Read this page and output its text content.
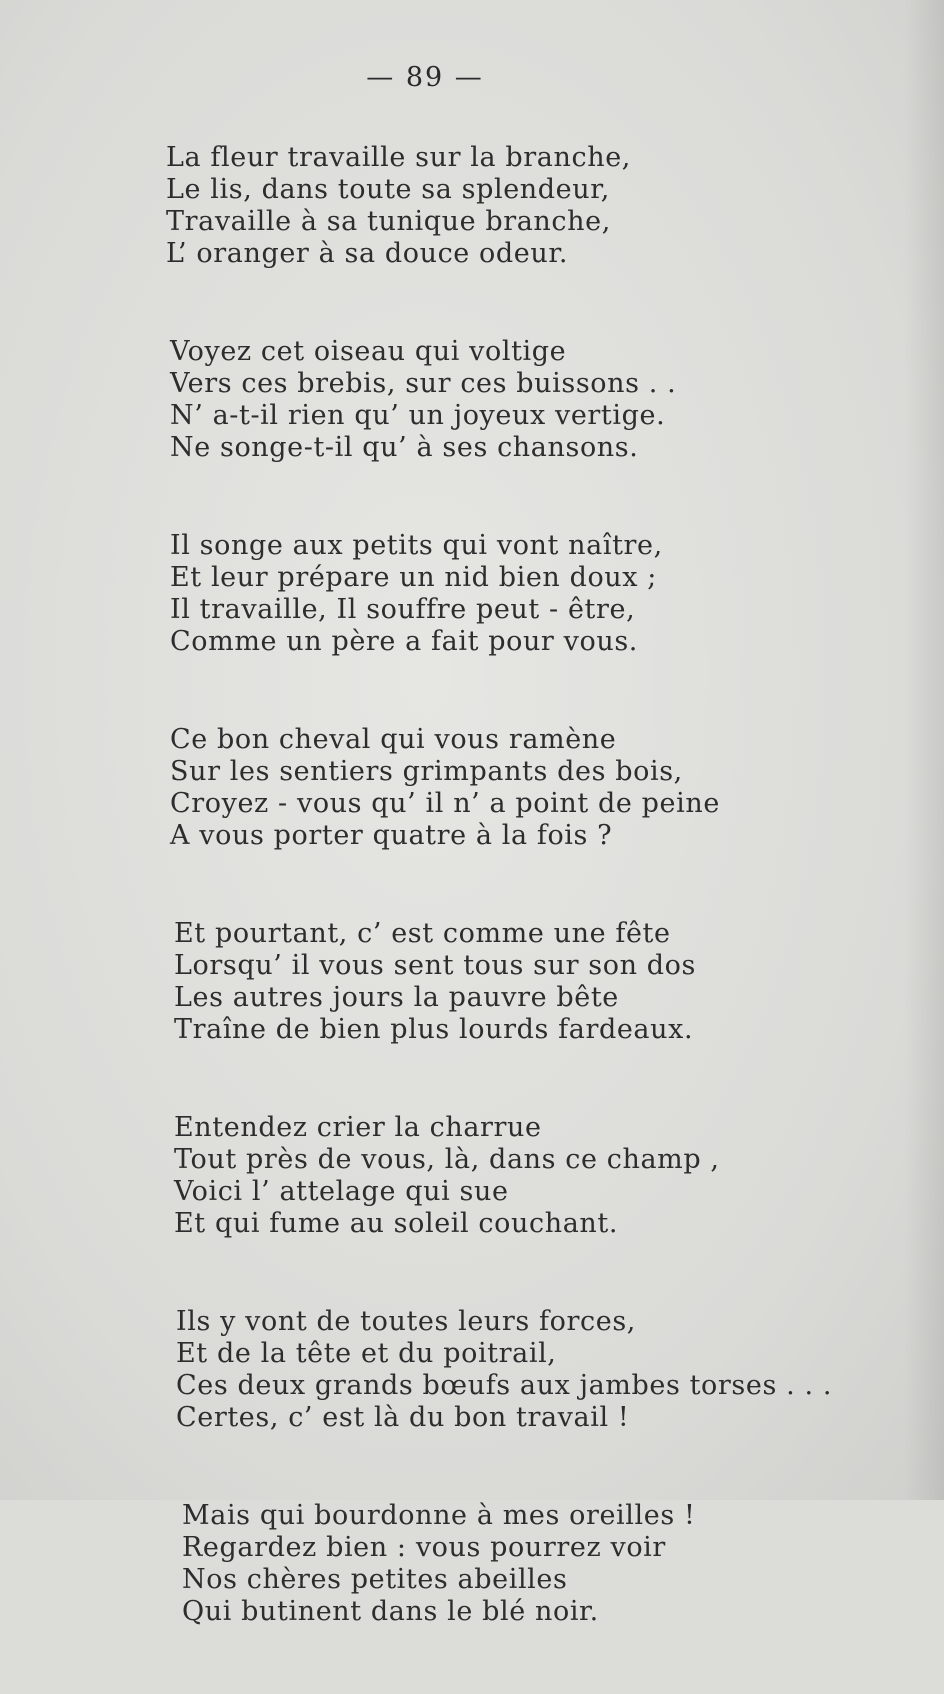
— 89 —
La fleur travaille sur la branche,
Le lis, dans toute sa splendeur,
Travaille à sa tunique branche,
L’ oranger à sa douce odeur.
Voyez cet oiseau qui voltige
Vers ces brebis, sur ces buissons . .
N’ a-t-il rien qu’ un joyeux vertige.
Ne songe-t-il qu’ à ses chansons.
Il songe aux petits qui vont naître,
Et leur prépare un nid bien doux ;
Il travaille, Il souffre peut - être,
Comme un père a fait pour vous.
Ce bon cheval qui vous ramène
Sur les sentiers grimpants des bois,
Croyez - vous qu’ il n’ a point de peine
A vous porter quatre à la fois ?
Et pourtant, c’ est comme une fête
Lorsqu’ il vous sent tous sur son dos
Les autres jours la pauvre bête
Traîne de bien plus lourds fardeaux.
Entendez crier la charrue
Tout près de vous, là, dans ce champ ,
Voici l’ attelage qui sue
Et qui fume au soleil couchant.
Ils y vont de toutes leurs forces,
Et de la tête et du poitrail,
Ces deux grands bœufs aux jambes torses . . .
Certes, c’ est là du bon travail !
Mais qui bourdonne à mes oreilles !
Regardez bien : vous pourrez voir
Nos chères petites abeilles
Qui butinent dans le blé noir.
